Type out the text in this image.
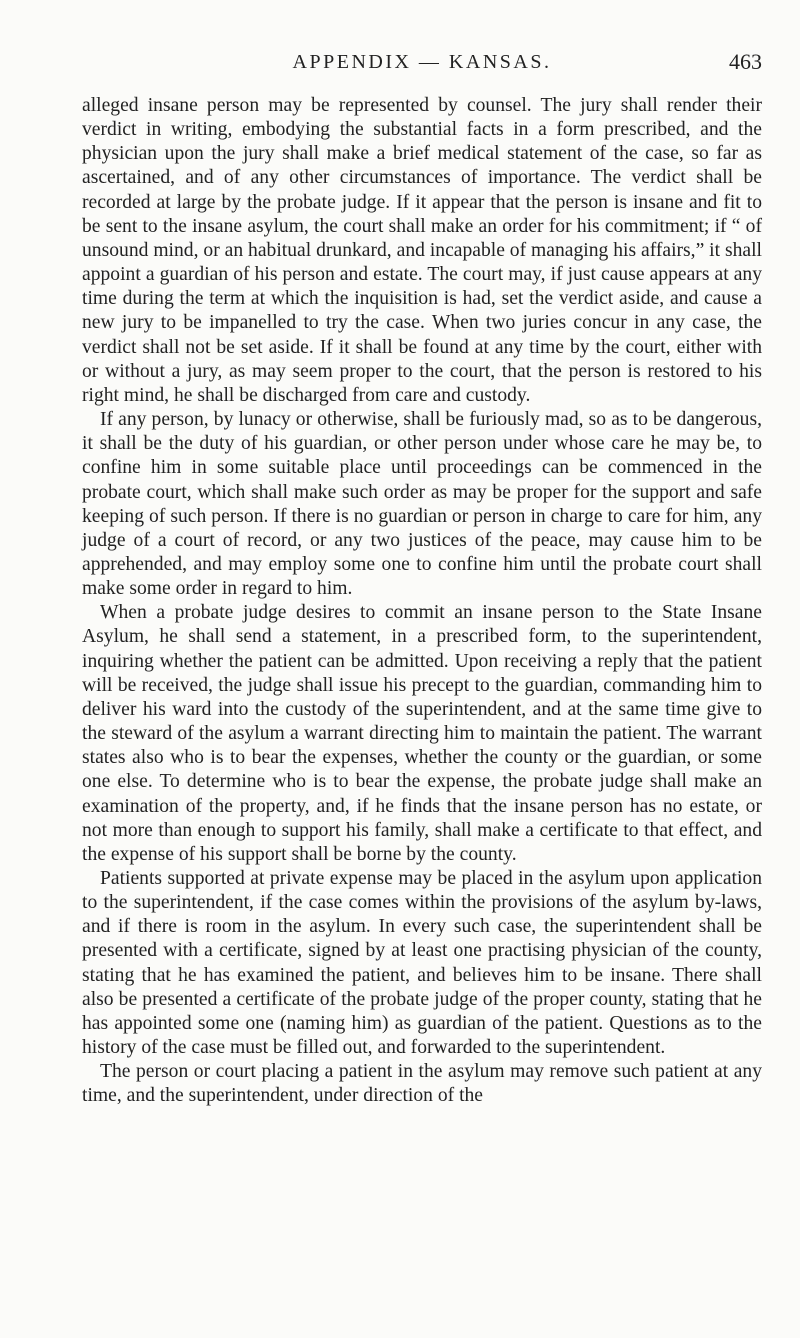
APPENDIX — KANSAS.	463

alleged insane person may be represented by counsel. The jury shall render their verdict in writing, embodying the substantial facts in a form prescribed, and the physician upon the jury shall make a brief medical statement of the case, so far as ascertained, and of any other circumstances of importance. The verdict shall be recorded at large by the probate judge. If it appear that the person is insane and fit to be sent to the insane asylum, the court shall make an order for his commitment; if “ of unsound mind, or an habitual drunkard, and incapable of managing his affairs,” it shall appoint a guardian of his person and estate. The court may, if just cause appears at any time during the term at which the inquisition is had, set the verdict aside, and cause a new jury to be impanelled to try the case. When two juries concur in any case, the verdict shall not be set aside. If it shall be found at any time by the court, either with or without a jury, as may seem proper to the court, that the person is restored to his right mind, he shall be discharged from care and custody.

If any person, by lunacy or otherwise, shall be furiously mad, so as to be dangerous, it shall be the duty of his guardian, or other person under whose care he may be, to confine him in some suitable place until proceedings can be commenced in the probate court, which shall make such order as may be proper for the support and safe keeping of such person. If there is no guardian or person in charge to care for him, any judge of a court of record, or any two justices of the peace, may cause him to be apprehended, and may employ some one to confine him until the probate court shall make some order in regard to him.

When a probate judge desires to commit an insane person to the State Insane Asylum, he shall send a statement, in a prescribed form, to the superintendent, inquiring whether the patient can be admitted. Upon receiving a reply that the patient will be received, the judge shall issue his precept to the guardian, commanding him to deliver his ward into the custody of the superintendent, and at the same time give to the steward of the asylum a warrant directing him to maintain the patient. The warrant states also who is to bear the expenses, whether the county or the guardian, or some one else. To determine who is to bear the expense, the probate judge shall make an examination of the property, and, if he finds that the insane person has no estate, or not more than enough to support his family, shall make a certificate to that effect, and the expense of his support shall be borne by the county.

Patients supported at private expense may be placed in the asylum upon application to the superintendent, if the case comes within the provisions of the asylum by-laws, and if there is room in the asylum. In every such case, the superintendent shall be presented with a certificate, signed by at least one practising physician of the county, stating that he has examined the patient, and believes him to be insane. There shall also be presented a certificate of the probate judge of the proper county, stating that he has appointed some one (naming him) as guardian of the patient. Questions as to the history of the case must be filled out, and forwarded to the superintendent.

The person or court placing a patient in the asylum may remove such patient at any time, and the superintendent, under direction of the
